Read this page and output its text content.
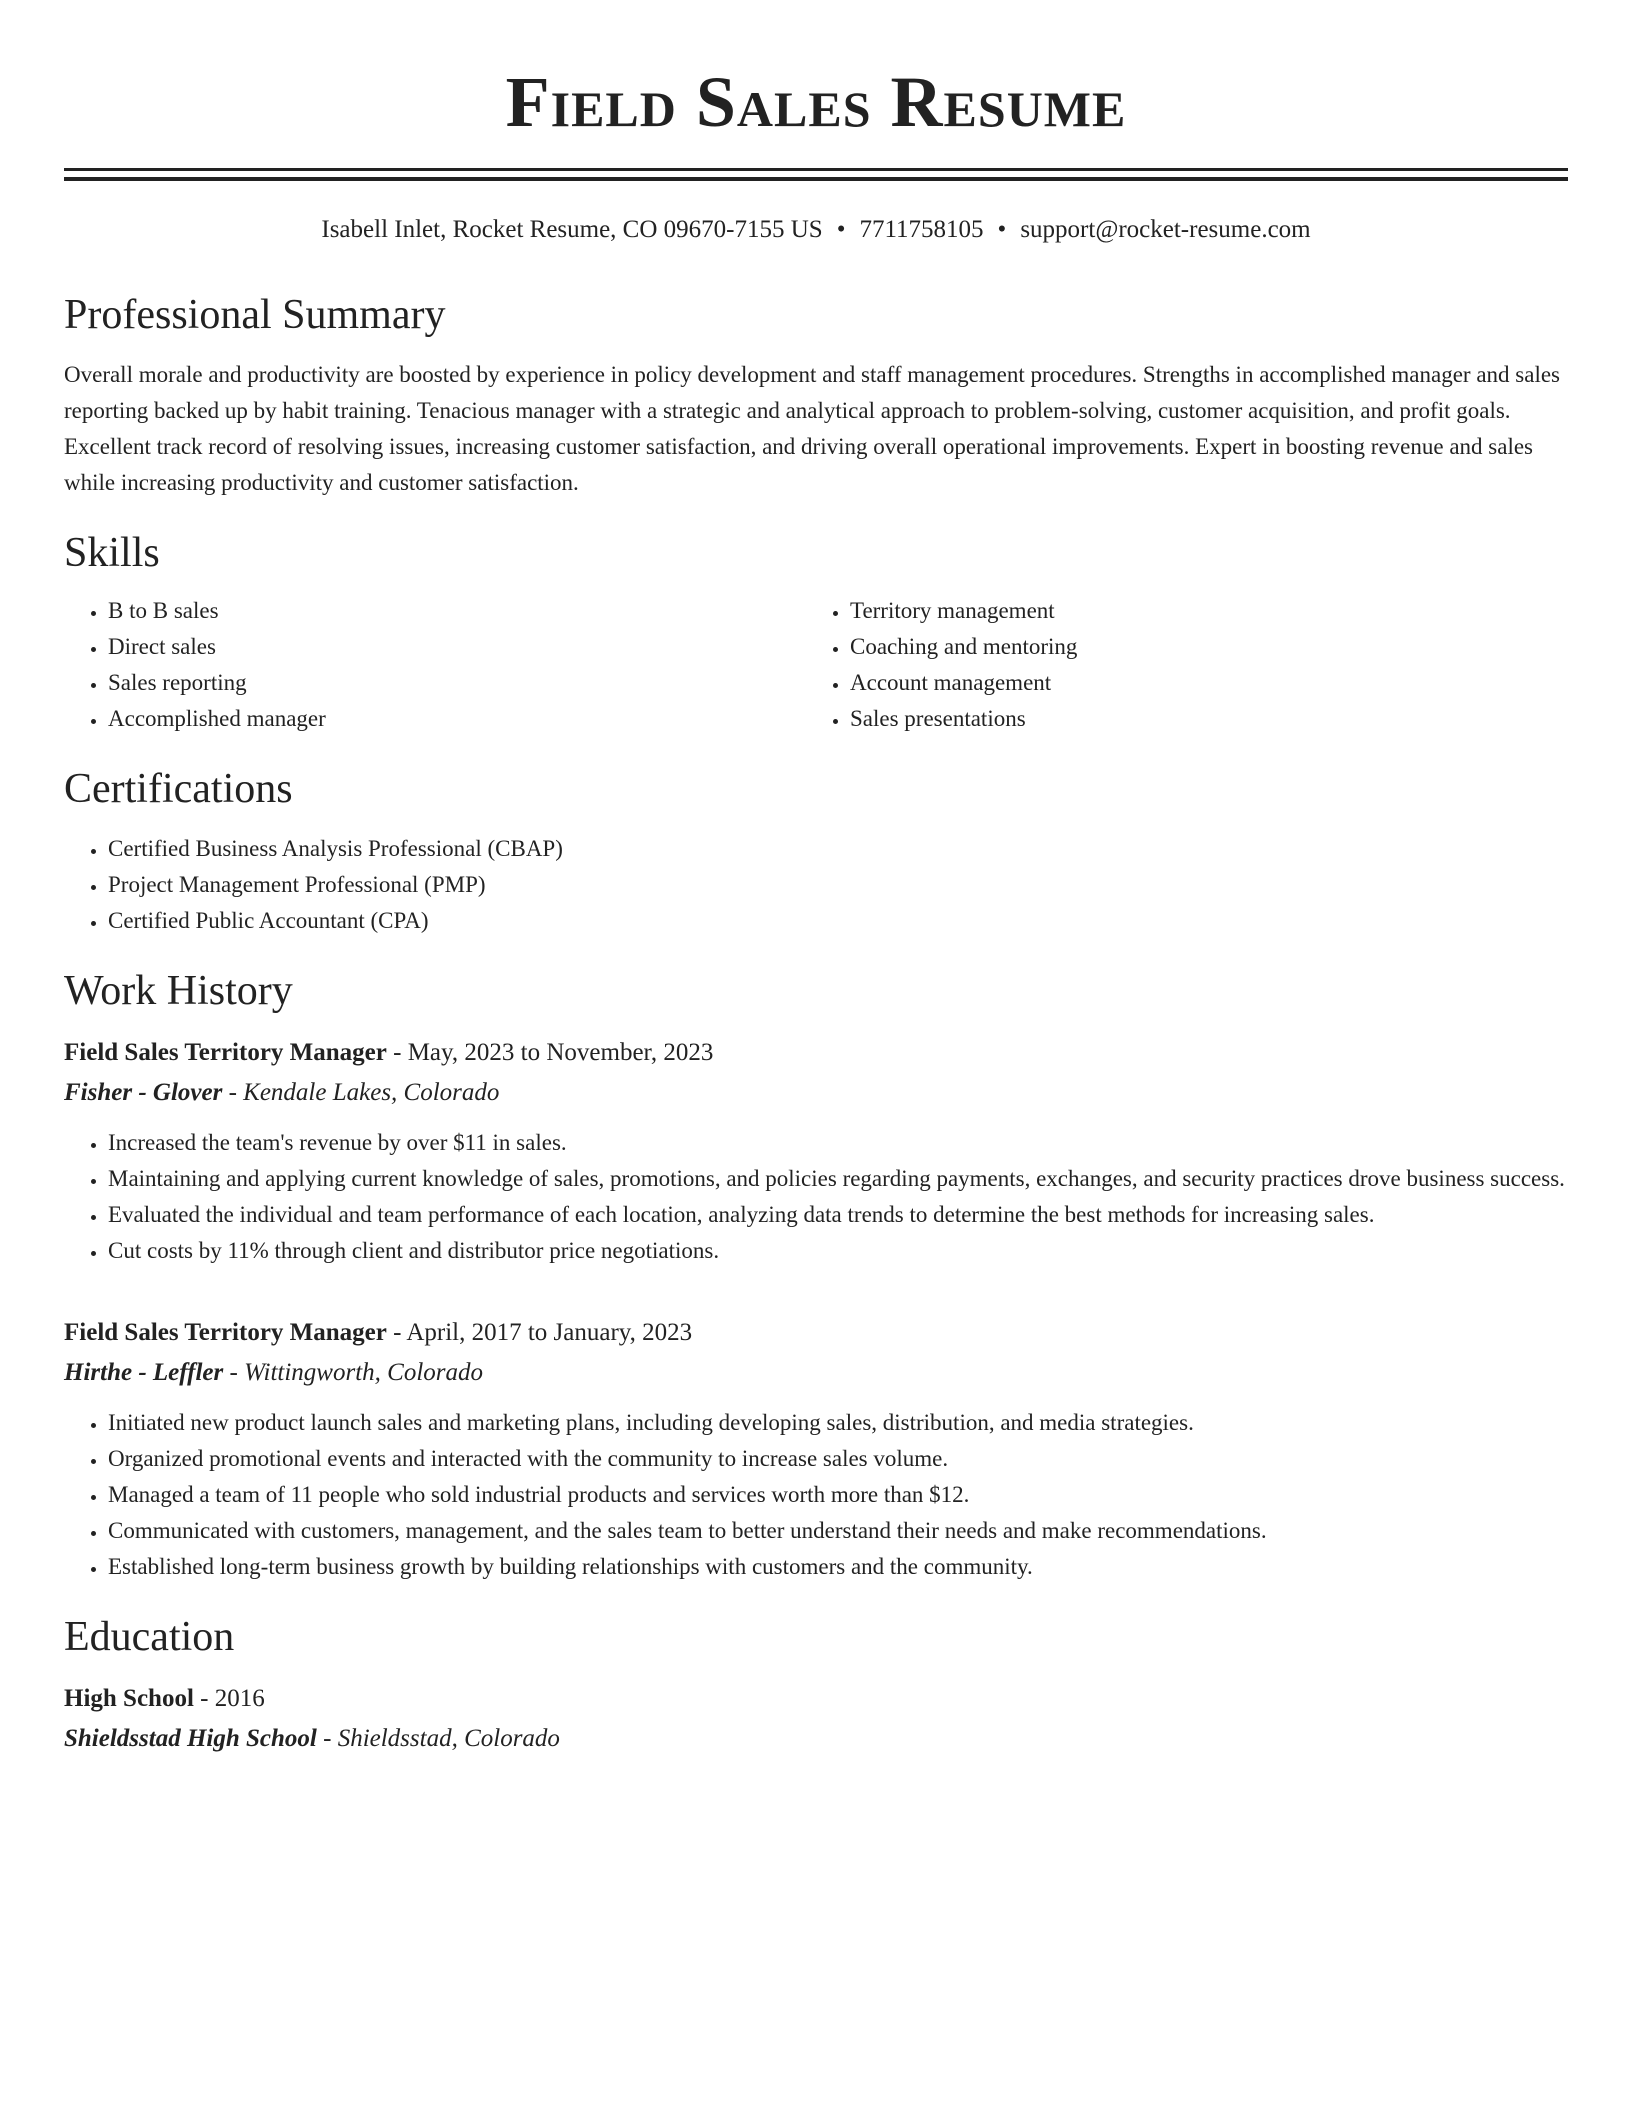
Field Sales Resume
Isabell Inlet, Rocket Resume, CO 09670-7155 US • 7711758105 • support@rocket-resume.com
Professional Summary
Overall morale and productivity are boosted by experience in policy development and staff management procedures. Strengths in accomplished manager and sales reporting backed up by habit training. Tenacious manager with a strategic and analytical approach to problem-solving, customer acquisition, and profit goals. Excellent track record of resolving issues, increasing customer satisfaction, and driving overall operational improvements. Expert in boosting revenue and sales while increasing productivity and customer satisfaction.
Skills
• B to B sales
• Direct sales
• Sales reporting
• Accomplished manager
• Territory management
• Coaching and mentoring
• Account management
• Sales presentations
Certifications
• Certified Business Analysis Professional (CBAP)
• Project Management Professional (PMP)
• Certified Public Accountant (CPA)
Work History
Field Sales Territory Manager - May, 2023 to November, 2023
Fisher - Glover - Kendale Lakes, Colorado
• Increased the team's revenue by over $11 in sales.
• Maintaining and applying current knowledge of sales, promotions, and policies regarding payments, exchanges, and security practices drove business success.
• Evaluated the individual and team performance of each location, analyzing data trends to determine the best methods for increasing sales.
• Cut costs by 11% through client and distributor price negotiations.
Field Sales Territory Manager - April, 2017 to January, 2023
Hirthe - Leffler - Wittingworth, Colorado
• Initiated new product launch sales and marketing plans, including developing sales, distribution, and media strategies.
• Organized promotional events and interacted with the community to increase sales volume.
• Managed a team of 11 people who sold industrial products and services worth more than $12.
• Communicated with customers, management, and the sales team to better understand their needs and make recommendations.
• Established long-term business growth by building relationships with customers and the community.
Education
High School - 2016
Shieldsstad High School - Shieldsstad, Colorado
